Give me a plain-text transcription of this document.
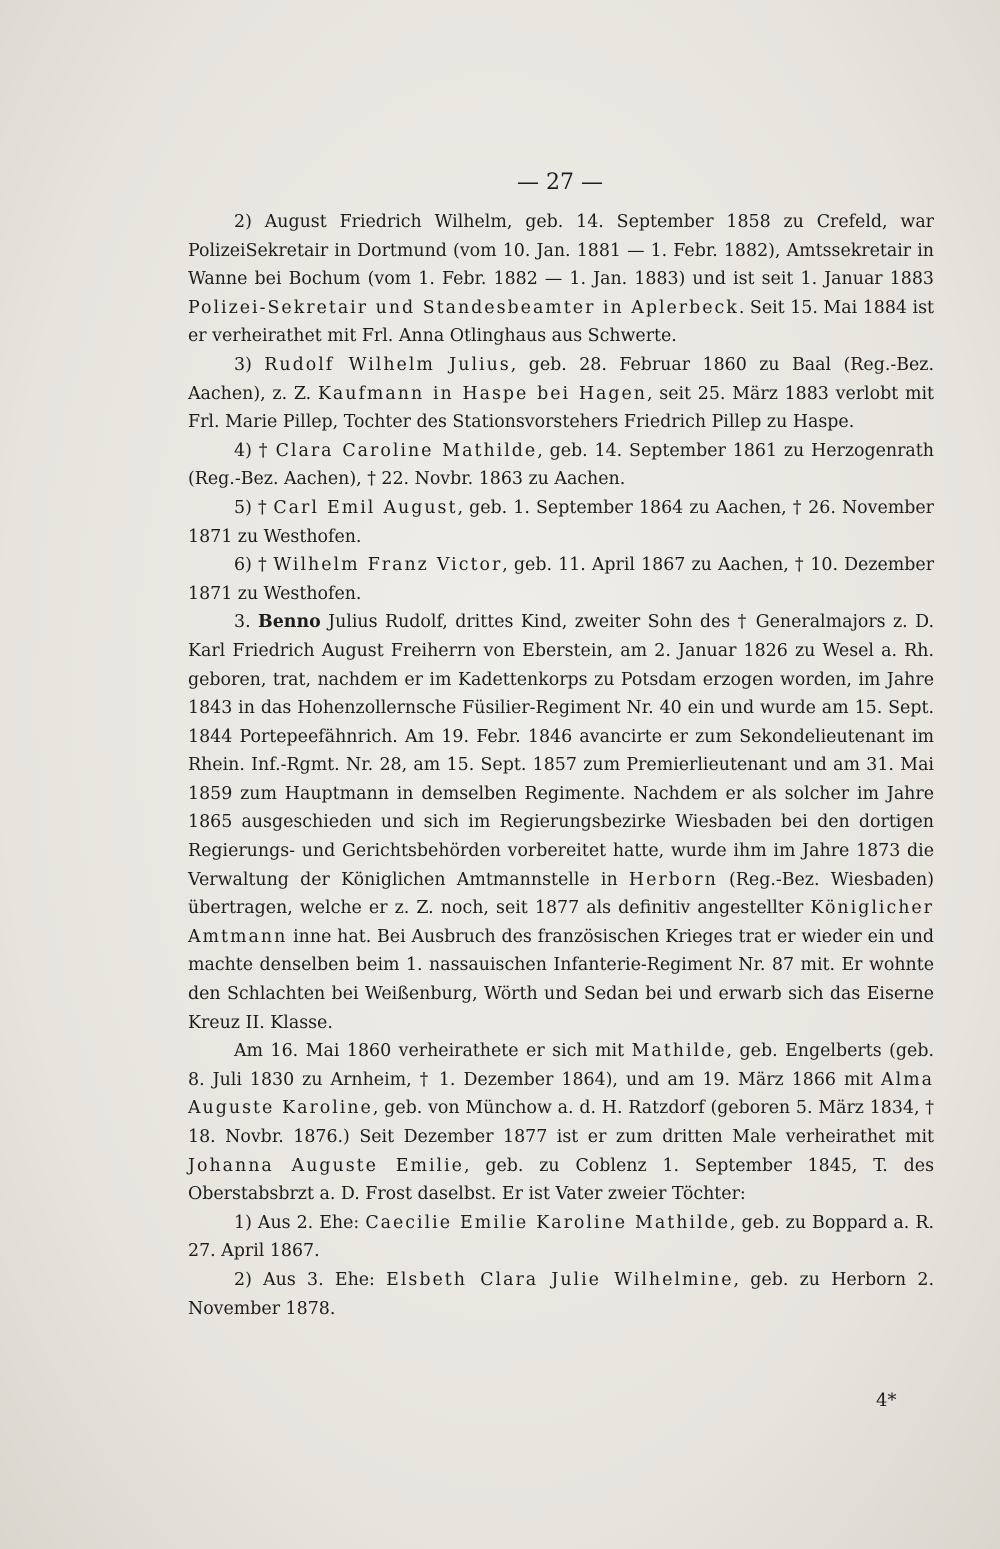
— 27 —

2) August Friedrich Wilhelm, geb. 14. September 1858 zu Crefeld, war PolizeiSekretair in Dortmund (vom 10. Jan. 1881 — 1. Febr. 1882), Amtssekretair in Wanne bei Bochum (vom 1. Febr. 1882 — 1. Jan. 1883) und ist seit 1. Januar 1883 Polizei-Sekretair und Standesbeamter in Aplerbeck. Seit 15. Mai 1884 ist er verheirathet mit Frl. Anna Otlinghaus aus Schwerte.

3) Rudolf Wilhelm Julius, geb. 28. Februar 1860 zu Baal (Reg.-Bez. Aachen), z. Z. Kaufmann in Haspe bei Hagen, seit 25. März 1883 verlobt mit Frl. Marie Pillep, Tochter des Stationsvorstehers Friedrich Pillep zu Haspe.

4) † Clara Caroline Mathilde, geb. 14. September 1861 zu Herzogenrath (Reg.-Bez. Aachen), † 22. Novbr. 1863 zu Aachen.

5) † Carl Emil August, geb. 1. September 1864 zu Aachen, † 26. November 1871 zu Westhofen.

6) † Wilhelm Franz Victor, geb. 11. April 1867 zu Aachen, † 10. Dezember 1871 zu Westhofen.

3. Benno Julius Rudolf, drittes Kind, zweiter Sohn des † Generalmajors z. D. Karl Friedrich August Freiherrn von Eberstein, am 2. Januar 1826 zu Wesel a. Rh. geboren, trat, nachdem er im Kadettenkorps zu Potsdam erzogen worden, im Jahre 1843 in das Hohenzollernsche Füsilier-Regiment Nr. 40 ein und wurde am 15. Sept. 1844 Portepeefähnrich. Am 19. Febr. 1846 avancirte er zum Sekondelieutenant im Rhein. Inf.-Rgmt. Nr. 28, am 15. Sept. 1857 zum Premierlieutenant und am 31. Mai 1859 zum Hauptmann in demselben Regimente. Nachdem er als solcher im Jahre 1865 ausgeschieden und sich im Regierungsbezirke Wiesbaden bei den dortigen Regierungs- und Gerichtsbehörden vorbereitet hatte, wurde ihm im Jahre 1873 die Verwaltung der Königlichen Amtmannstelle in Herborn (Reg.-Bez. Wiesbaden) übertragen, welche er z. Z. noch, seit 1877 als definitiv angestellter Königlicher Amtmann inne hat. Bei Ausbruch des französischen Krieges trat er wieder ein und machte denselben beim 1. nassauischen Infanterie-Regiment Nr. 87 mit. Er wohnte den Schlachten bei Weißenburg, Wörth und Sedan bei und erwarb sich das Eiserne Kreuz II. Klasse.

Am 16. Mai 1860 verheirathete er sich mit Mathilde, geb. Engelberts (geb. 8. Juli 1830 zu Arnheim, † 1. Dezember 1864), und am 19. März 1866 mit Alma Auguste Karoline, geb. von Münchow a. d. H. Ratzdorf (geboren 5. März 1834, † 18. Novbr. 1876.) Seit Dezember 1877 ist er zum dritten Male verheirathet mit Johanna Auguste Emilie, geb. zu Coblenz 1. September 1845, T. des Oberstabsbrzt a. D. Frost daselbst. Er ist Vater zweier Töchter:

1) Aus 2. Ehe: Caecilie Emilie Karoline Mathilde, geb. zu Boppard a. R. 27. April 1867.

2) Aus 3. Ehe: Elsbeth Clara Julie Wilhelmine, geb. zu Herborn 2. November 1878.

4*
